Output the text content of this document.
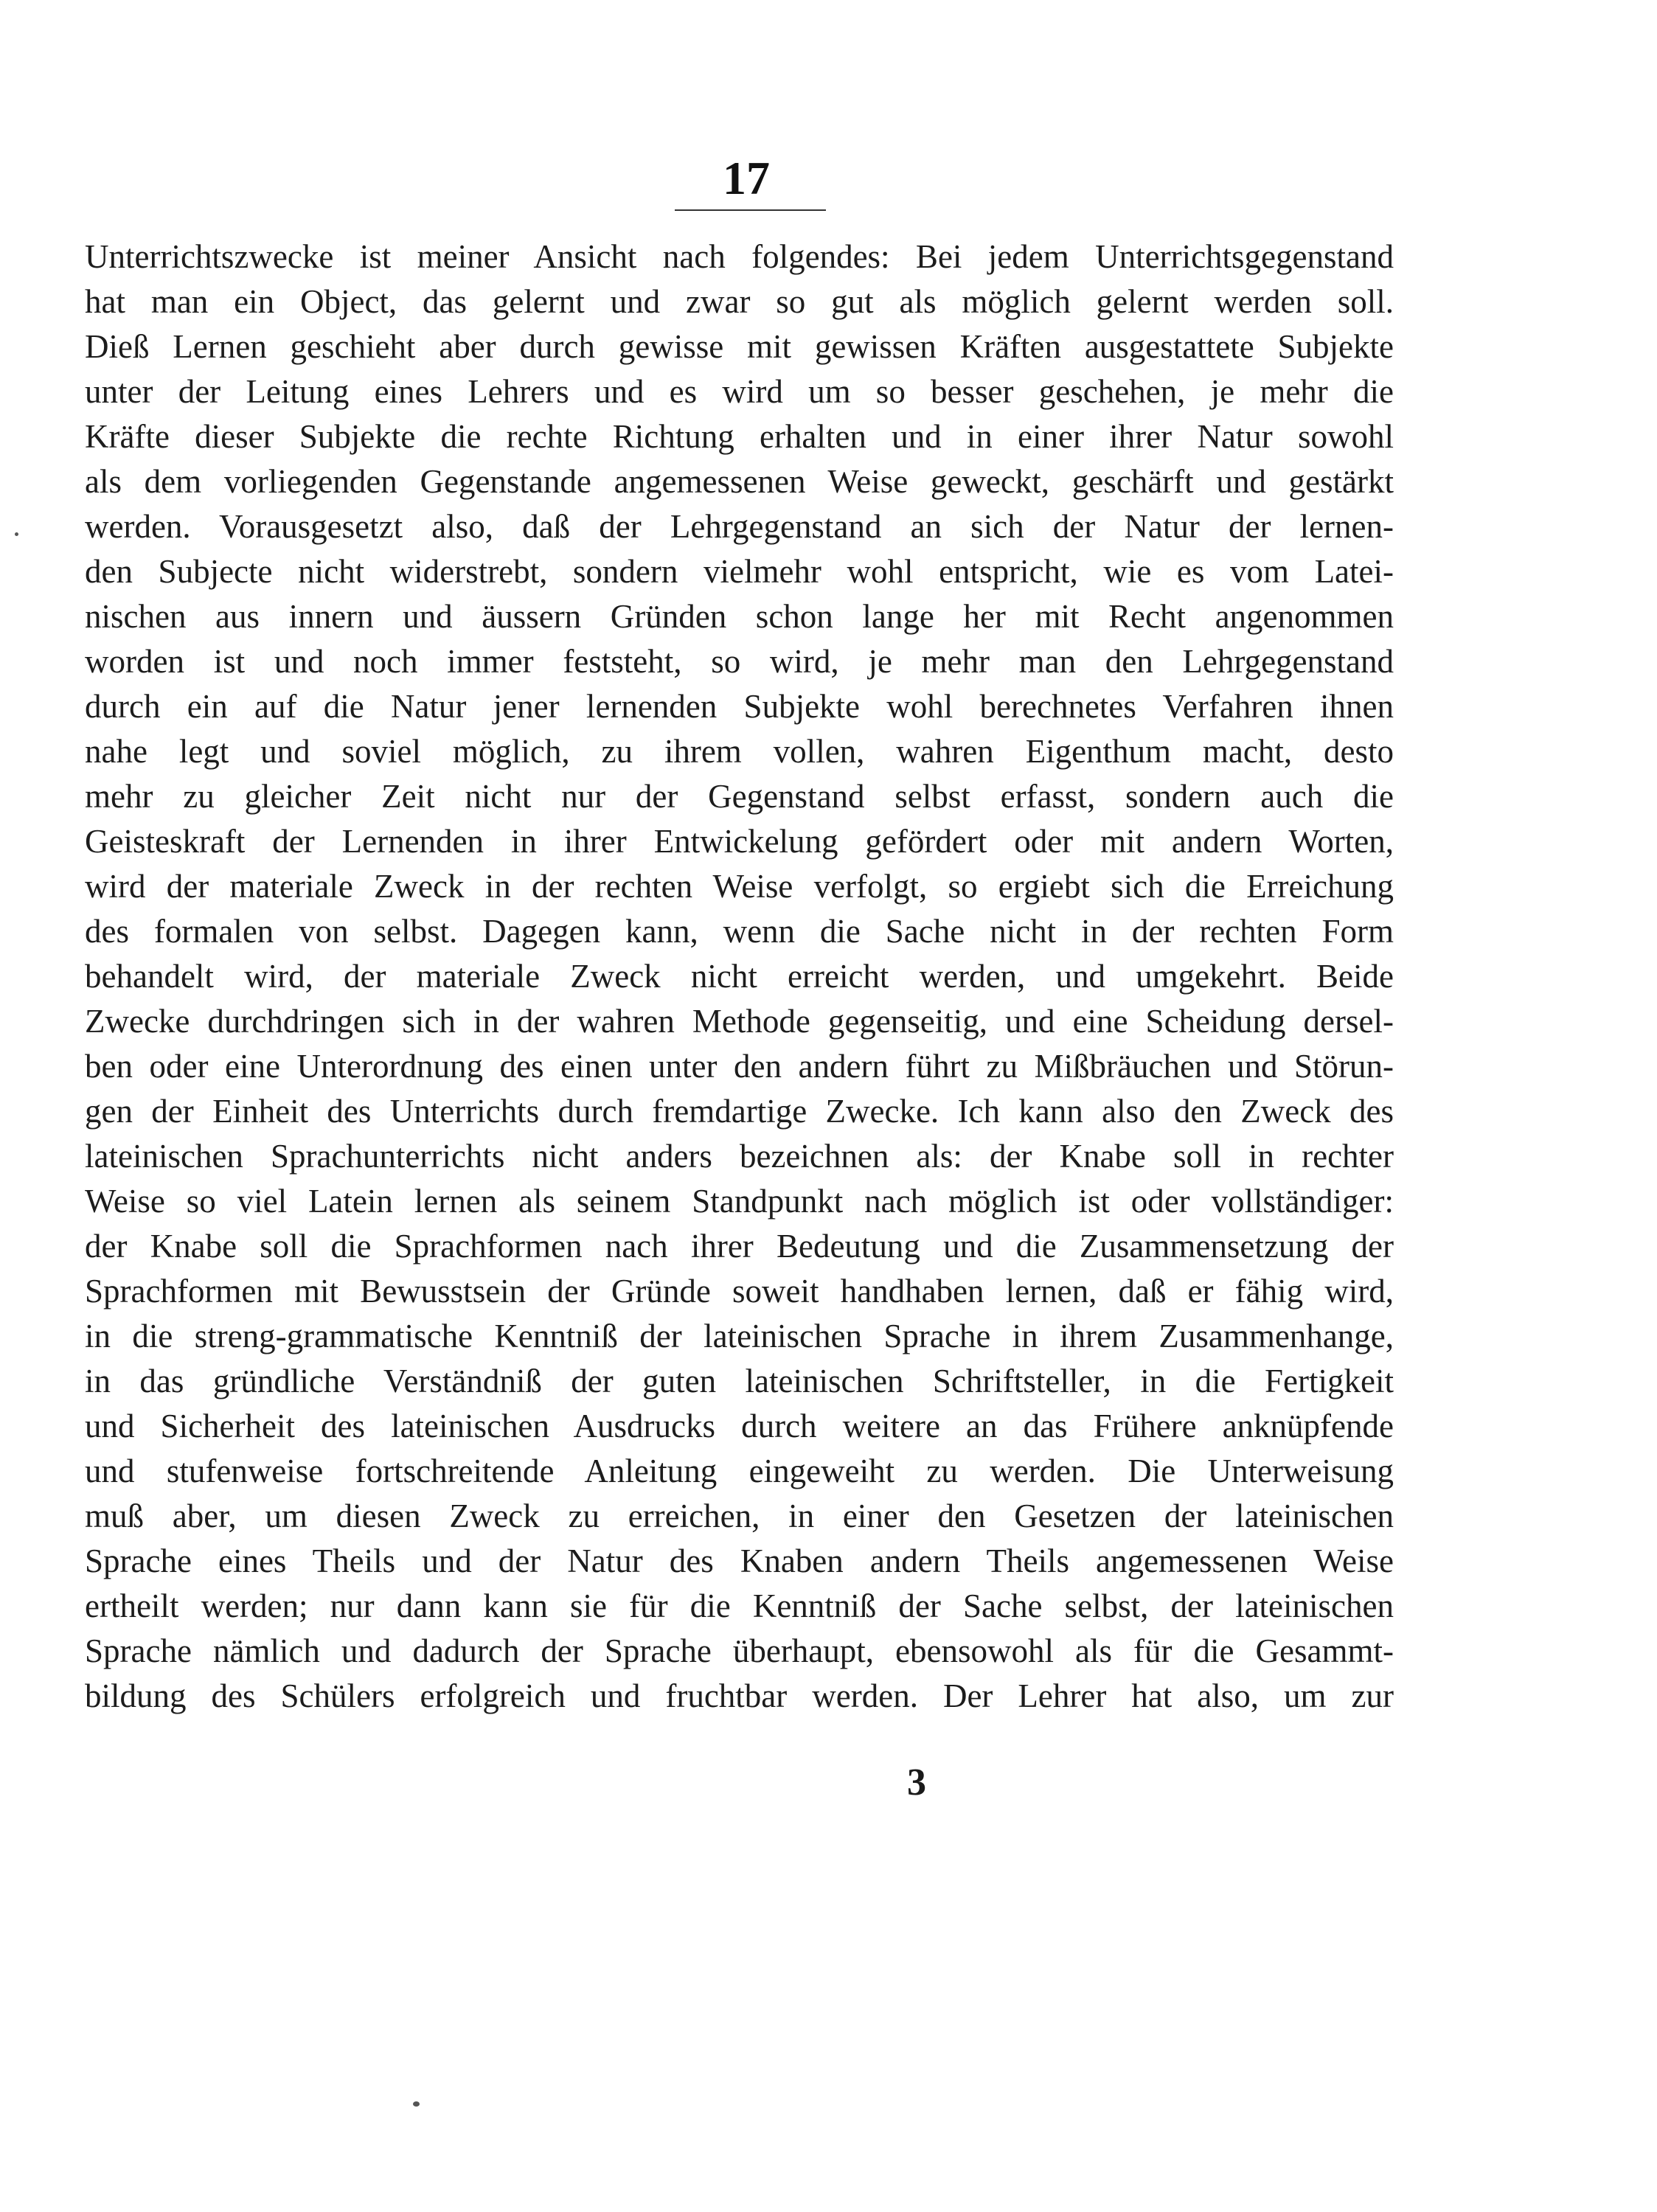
17
Unterrichtszwecke ist meiner Ansicht nach folgendes: Bei jedem Unterrichtsgegenstand
hat man ein Object, das gelernt und zwar so gut als möglich gelernt werden soll.
Dieß Lernen geschieht aber durch gewisse mit gewissen Kräften ausgestattete Subjekte
unter der Leitung eines Lehrers und es wird um so besser geschehen, je mehr die
Kräfte dieser Subjekte die rechte Richtung erhalten und in einer ihrer Natur sowohl
als dem vorliegenden Gegenstande angemessenen Weise geweckt, geschärft und gestärkt
werden. Vorausgesetzt also, daß der Lehrgegenstand an sich der Natur der lernen-
den Subjecte nicht widerstrebt, sondern vielmehr wohl entspricht, wie es vom Latei-
nischen aus innern und äussern Gründen schon lange her mit Recht angenommen
worden ist und noch immer feststeht, so wird, je mehr man den Lehrgegenstand
durch ein auf die Natur jener lernenden Subjekte wohl berechnetes Verfahren ihnen
nahe legt und soviel möglich, zu ihrem vollen, wahren Eigenthum macht, desto
mehr zu gleicher Zeit nicht nur der Gegenstand selbst erfasst, sondern auch die
Geisteskraft der Lernenden in ihrer Entwickelung gefördert oder mit andern Worten,
wird der materiale Zweck in der rechten Weise verfolgt, so ergiebt sich die Erreichung
des formalen von selbst. Dagegen kann, wenn die Sache nicht in der rechten Form
behandelt wird, der materiale Zweck nicht erreicht werden, und umgekehrt. Beide
Zwecke durchdringen sich in der wahren Methode gegenseitig, und eine Scheidung dersel-
ben oder eine Unterordnung des einen unter den andern führt zu Mißbräuchen und Störun-
gen der Einheit des Unterrichts durch fremdartige Zwecke. Ich kann also den Zweck des
lateinischen Sprachunterrichts nicht anders bezeichnen als: der Knabe soll in rechter
Weise so viel Latein lernen als seinem Standpunkt nach möglich ist oder vollständiger:
der Knabe soll die Sprachformen nach ihrer Bedeutung und die Zusammensetzung der
Sprachformen mit Bewusstsein der Gründe soweit handhaben lernen, daß er fähig wird,
in die streng-grammatische Kenntniß der lateinischen Sprache in ihrem Zusammenhange,
in das gründliche Verständniß der guten lateinischen Schriftsteller, in die Fertigkeit
und Sicherheit des lateinischen Ausdrucks durch weitere an das Frühere anknüpfende
und stufenweise fortschreitende Anleitung eingeweiht zu werden. Die Unterweisung
muß aber, um diesen Zweck zu erreichen, in einer den Gesetzen der lateinischen
Sprache eines Theils und der Natur des Knaben andern Theils angemessenen Weise
ertheilt werden; nur dann kann sie für die Kenntniß der Sache selbst, der lateinischen
Sprache nämlich und dadurch der Sprache überhaupt, ebensowohl als für die Gesammt-
bildung des Schülers erfolgreich und fruchtbar werden. Der Lehrer hat also, um zur
3
